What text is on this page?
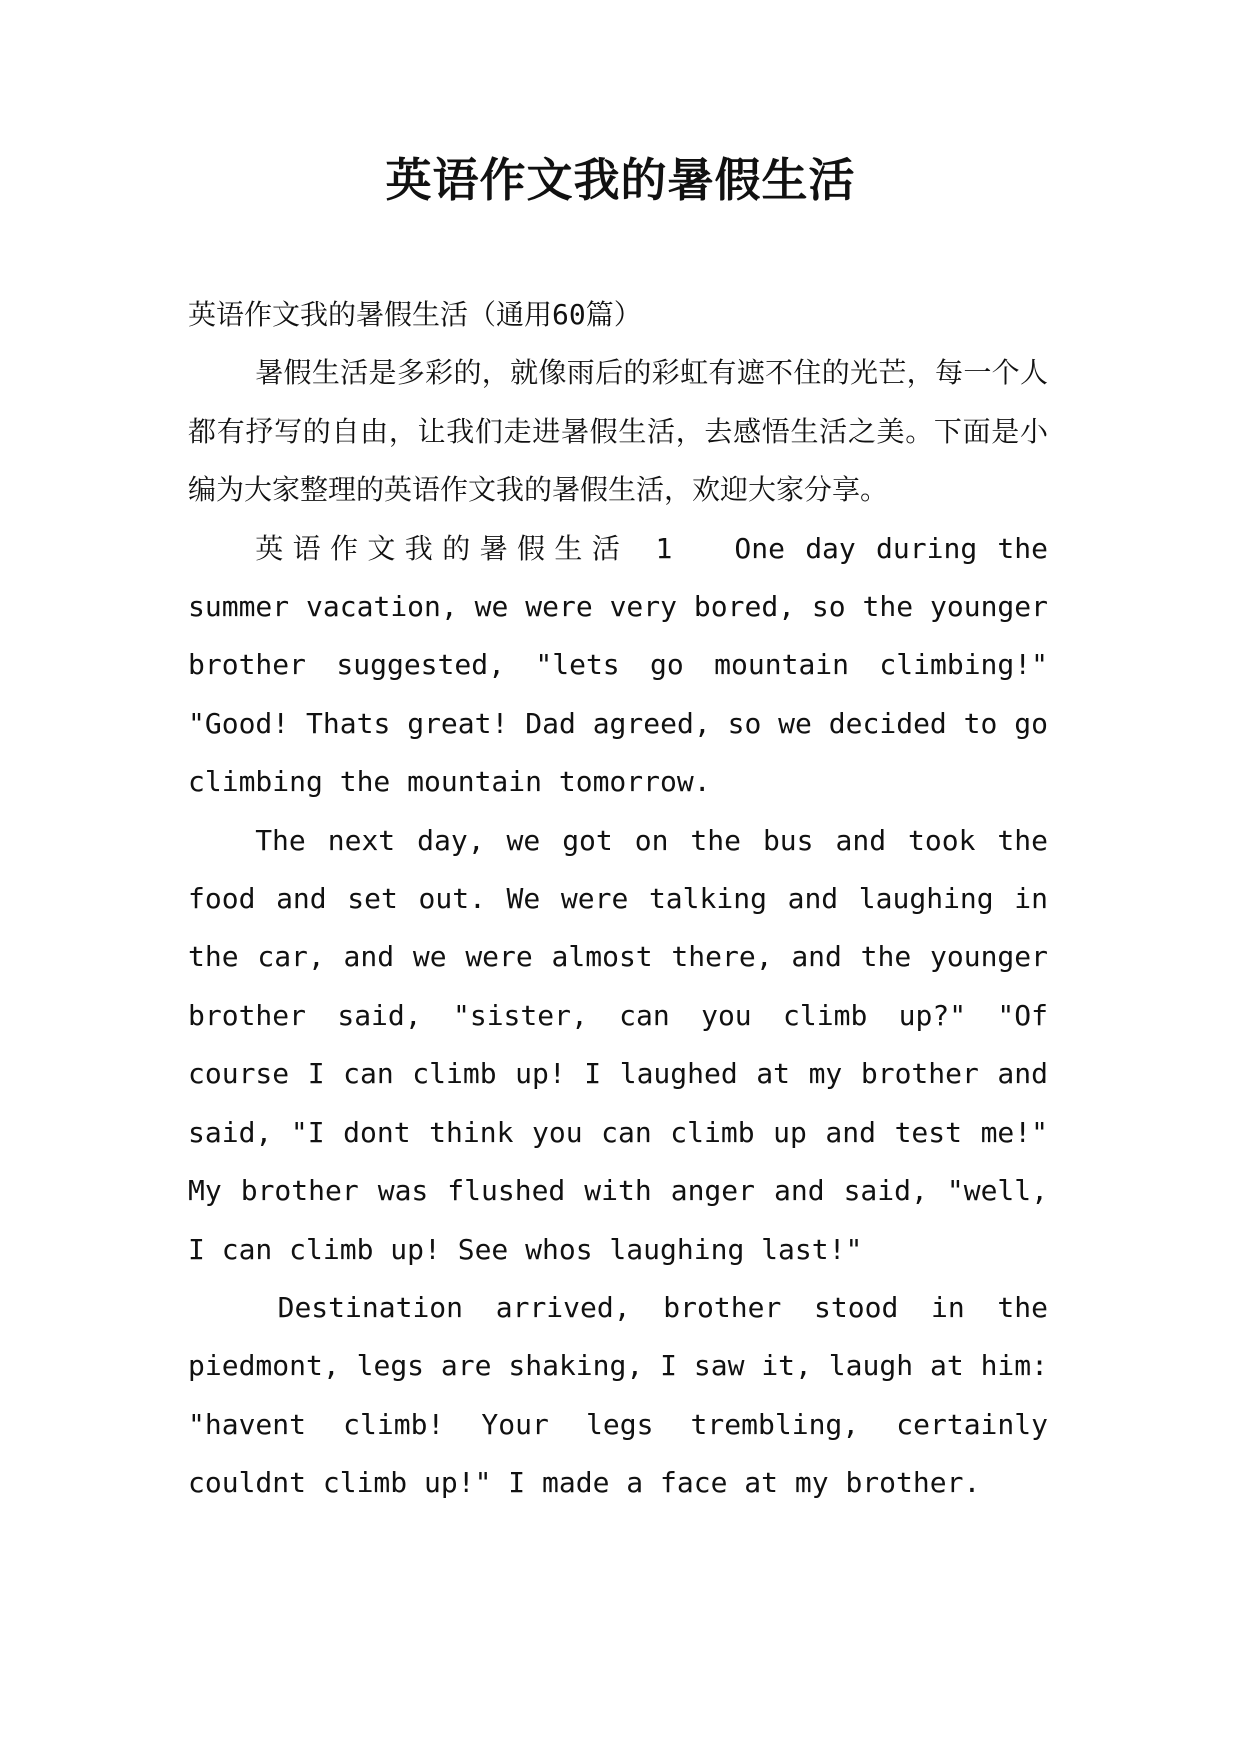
英语作文我的暑假生活

英语作文我的暑假生活（通用60篇）

暑假生活是多彩的，就像雨后的彩虹有遮不住的光芒，每一个人都有抒写的自由，让我们走进暑假生活，去感悟生活之美。下面是小编为大家整理的英语作文我的暑假生活，欢迎大家分享。

英语作文我的暑假生活 1 One day during the summer vacation, we were very bored, so the younger brother suggested, "lets go mountain climbing!" "Good! Thats great! Dad agreed, so we decided to go climbing the mountain tomorrow.

The next day, we got on the bus and took the food and set out. We were talking and laughing in the car, and we were almost there, and the younger brother said, "sister, can you climb up?" "Of course I can climb up! I laughed at my brother and said, "I dont think you can climb up and test me!" My brother was flushed with anger and said, "well, I can climb up! See whos laughing last!"

Destination arrived, brother stood in the piedmont, legs are shaking, I saw it, laugh at him: "havent climb! Your legs trembling, certainly couldnt climb up!" I made a face at my brother.
